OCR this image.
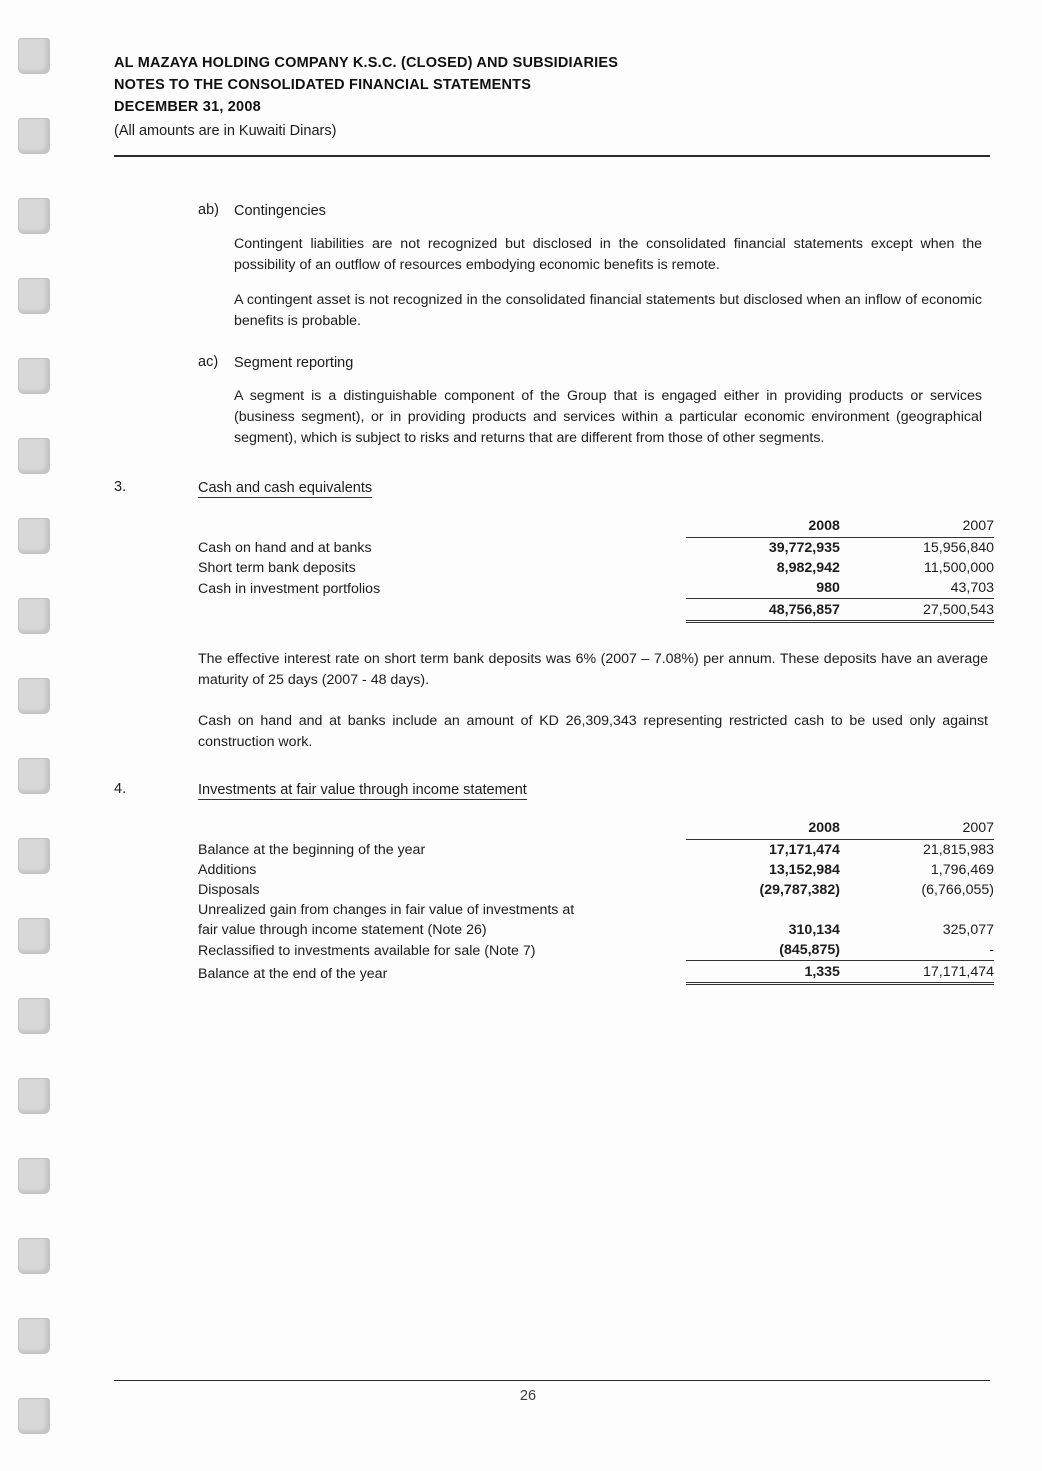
AL MAZAYA HOLDING COMPANY K.S.C. (CLOSED) AND SUBSIDIARIES
NOTES TO THE CONSOLIDATED FINANCIAL STATEMENTS
DECEMBER 31, 2008
(All amounts are in Kuwaiti Dinars)
ab) Contingencies

Contingent liabilities are not recognized but disclosed in the consolidated financial statements except when the possibility of an outflow of resources embodying economic benefits is remote.

A contingent asset is not recognized in the consolidated financial statements but disclosed when an inflow of economic benefits is probable.

ac) Segment reporting

A segment is a distinguishable component of the Group that is engaged either in providing products or services (business segment), or in providing products and services within a particular economic environment (geographical segment), which is subject to risks and returns that are different from those of other segments.

3.	Cash and cash equivalents
	2008	2007
Cash on hand and at banks	39,772,935	15,956,840
Short term bank deposits	8,982,942	11,500,000
Cash in investment portfolios	980	43,703
	48,756,857	27,500,543

The effective interest rate on short term bank deposits was 6% (2007 – 7.08%) per annum. These deposits have an average maturity of 25 days (2007 - 48 days).

Cash on hand and at banks include an amount of KD 26,309,343 representing restricted cash to be used only against construction work.

4.	Investments at fair value through income statement
	2008	2007
Balance at the beginning of the year	17,171,474	21,815,983
Additions	13,152,984	1,796,469
Disposals	(29,787,382)	(6,766,055)
Unrealized gain from changes in fair value of investments at		
fair value through income statement (Note 26)	310,134	325,077
Reclassified to investments available for sale (Note 7)	(845,875)	-
Balance at the end of the year	1,335	17,171,474
26
